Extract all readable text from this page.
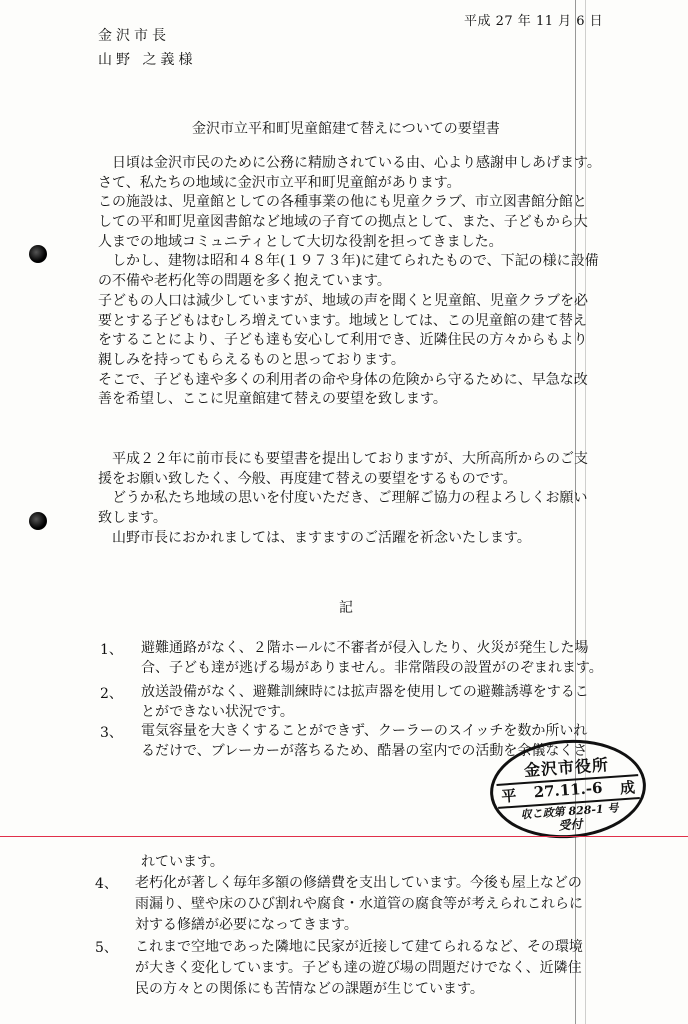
平成 27 年 11 月 6 日
金沢市長
山野 之義様
金沢市立平和町児童館建て替えについての要望書
　日頃は金沢市民のために公務に精励されている由、心より感謝申しあげます。
さて、私たちの地域に金沢市立平和町児童館があります。
この施設は、児童館としての各種事業の他にも児童クラブ、市立図書館分館と
しての平和町児童図書館など地域の子育ての拠点として、また、子どもから大
人までの地域コミュニティとして大切な役割を担ってきました。
　しかし、建物は昭和４８年(１９７３年)に建てられたもので、下記の様に設備
の不備や老朽化等の問題を多く抱えています。
子どもの人口は減少していますが、地域の声を聞くと児童館、児童クラブを必
要とする子どもはむしろ増えています。地域としては、この児童館の建て替え
をすることにより、子ども達も安心して利用でき、近隣住民の方々からもより
親しみを持ってもらえるものと思っております。
そこで、子ども達や多くの利用者の命や身体の危険から守るために、早急な改
善を希望し、ここに児童館建て替えの要望を致します。
　平成２２年に前市長にも要望書を提出しておりますが、大所高所からのご支
援をお願い致したく、今般、再度建て替えの要望をするものです。
　どうか私たち地域の思いを付度いただき、ご理解ご協力の程よろしくお願い
致します。
　山野市長におかれましては、ますますのご活躍を祈念いたします。
記
1、	避難通路がなく、２階ホールに不審者が侵入したり、火災が発生した場
合、子ども達が逃げる場がありません。非常階段の設置がのぞまれます。
2、	放送設備がなく、避難訓練時には拡声器を使用しての避難誘導をするこ
とができない状況です。
3、	電気容量を大きくすることができず、クーラーのスイッチを数か所いれ
るだけで、ブレーカーが落ちるため、酷暑の室内での活動を余儀なくさ
金沢市役所
平 27.11.-6 成
収こ政第 828-1 号
受付
れています。
4、	老朽化が著しく毎年多額の修繕費を支出しています。今後も屋上などの
雨漏り、壁や床のひび割れや腐食・水道管の腐食等が考えられこれらに
対する修繕が必要になってきます。
5、	これまで空地であった隣地に民家が近接して建てられるなど、その環境
が大きく変化しています。子ども達の遊び場の問題だけでなく、近隣住
民の方々との関係にも苦情などの課題が生じています。
